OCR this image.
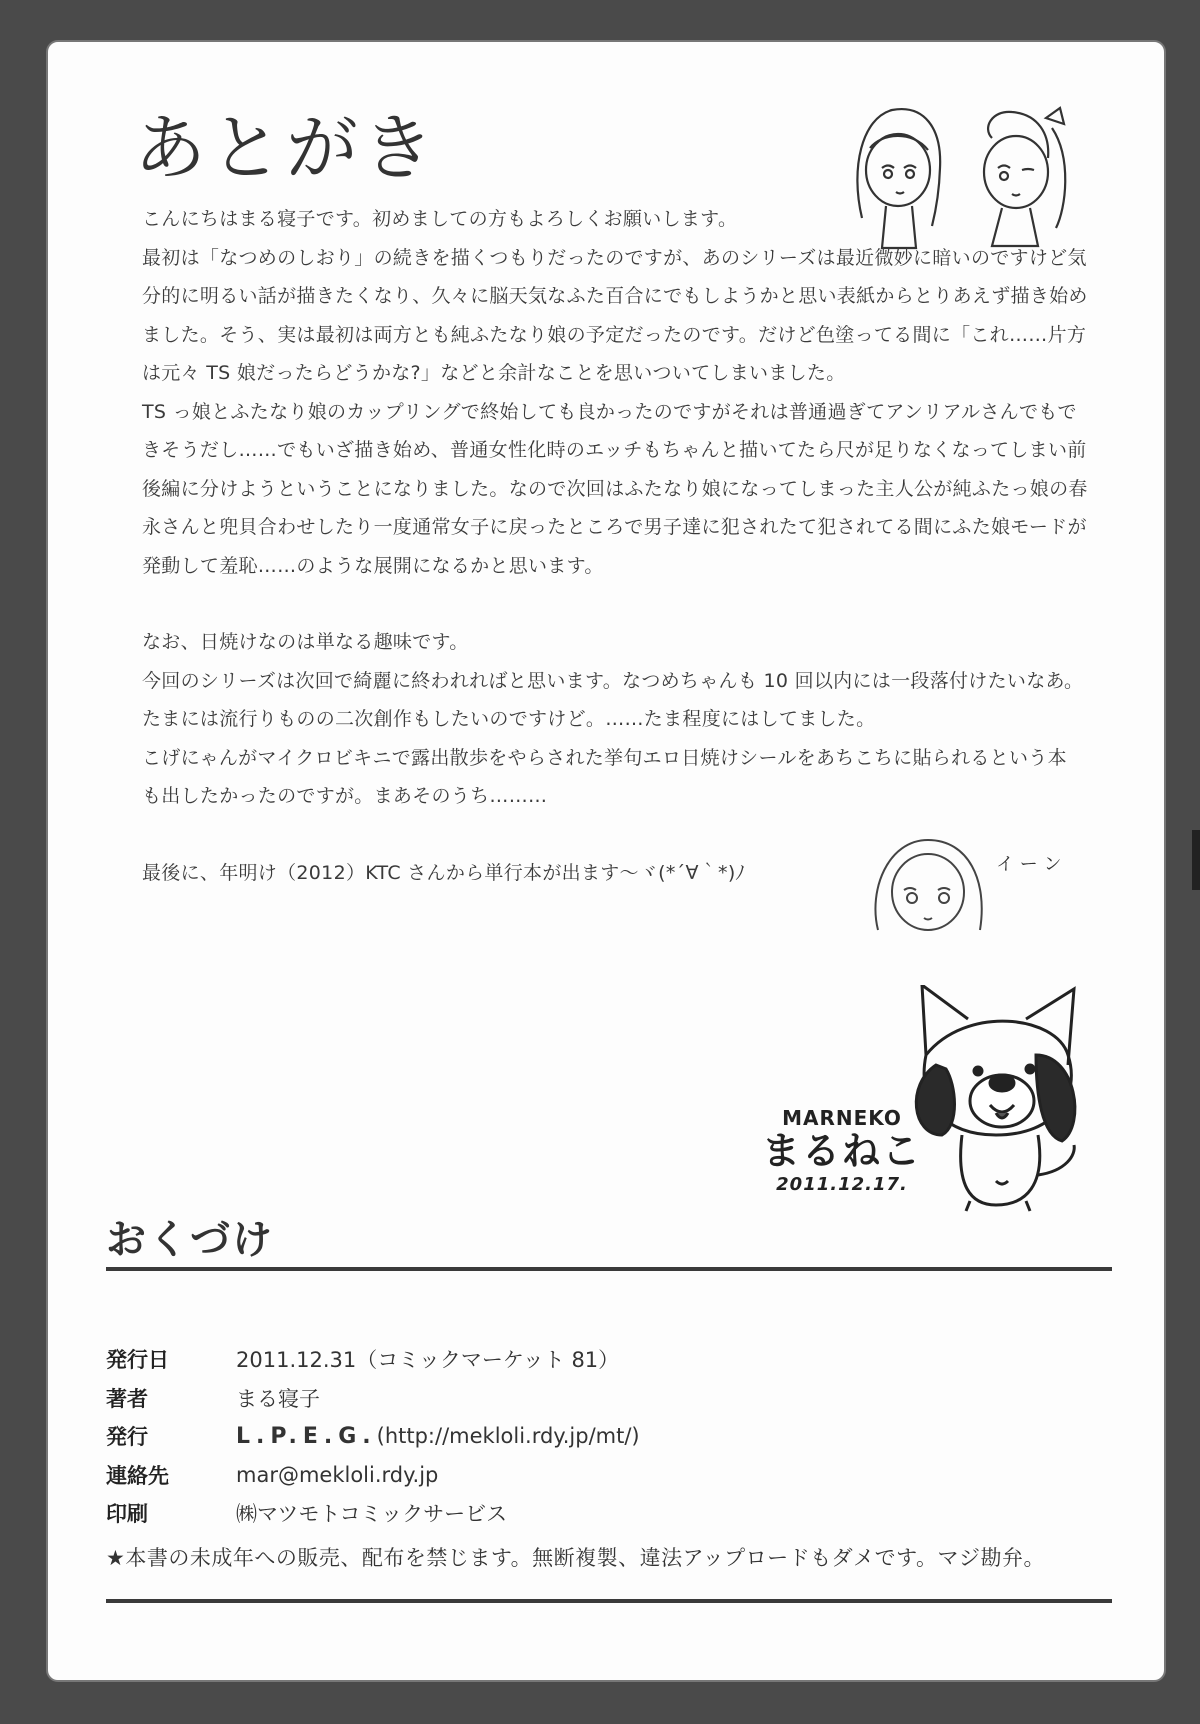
あとがき

こんにちはまる寝子です。初めましての方もよろしくお願いします。

最初は「なつめのしおり」の続きを描くつもりだったのですが、あのシリーズは最近微妙に暗いのですけど気分的に明るい話が描きたくなり、久々に脳天気なふた百合にでもしようかと思い表紙からとりあえず描き始めました。そう、実は最初は両方とも純ふたなり娘の予定だったのです。だけど色塗ってる間に「これ……片方は元々 TS 娘だったらどうかな?」などと余計なことを思いついてしまいました。

TS っ娘とふたなり娘のカップリングで終始しても良かったのですがそれは普通過ぎてアンリアルさんでもできそうだし……でもいざ描き始め、普通女性化時のエッチもちゃんと描いてたら尺が足りなくなってしまい前後編に分けようということになりました。なので次回はふたなり娘になってしまった主人公が純ふたっ娘の春永さんと兜貝合わせしたり一度通常女子に戻ったところで男子達に犯されたて犯されてる間にふた娘モードが発動して羞恥……のような展開になるかと思います。

なお、日焼けなのは単なる趣味です。

今回のシリーズは次回で綺麗に終われればと思います。なつめちゃんも 10 回以内には一段落付けたいなあ。たまには流行りものの二次創作もしたいのですけど。……たま程度にはしてました。

こげにゃんがマイクロビキニで露出散歩をやらされた挙句エロ日焼けシールをあちこちに貼られるという本も出したかったのですが。まあそのうち………

最後に、年明け（2012）KTC さんから単行本が出ます〜ヾ(*´∀｀*)ﾉ	イ ー ン
MARNEKO
まるねこ
2011.12.17.
おくづけ
発行日	2011.12.31（コミックマーケット 81）
著者	まる寝子
発行	L.P.E.G. (http://mekloli.rdy.jp/mt/)
連絡先	mar@mekloli.rdy.jp
印刷	㈱マツモトコミックサービス
★本書の未成年への販売、配布を禁じます。無断複製、違法アップロードもダメです。マジ勘弁。
